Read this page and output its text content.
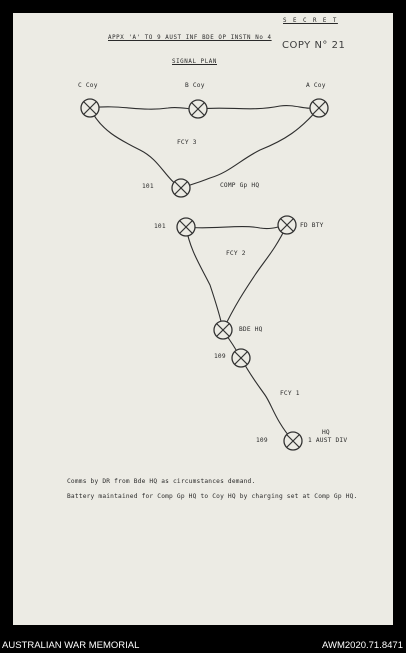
S E C R E T
COPY N° 21
APPX 'A' TO 9 AUST INF BDE OP INSTN No 4
SIGNAL PLAN
C Coy	B Coy	A Coy
FCY 3
101	COMP Gp HQ
101	FD BTY
FCY 2
BDE HQ
109
FCY 1
109
HQ
1 AUST DIV
Comms by DR from Bde HQ as circumstances demand.
Battery maintained for Comp Gp HQ to Coy HQ by charging set at Comp Gp HQ.
AUSTRALIAN WAR MEMORIAL	AWM2020.71.8471
